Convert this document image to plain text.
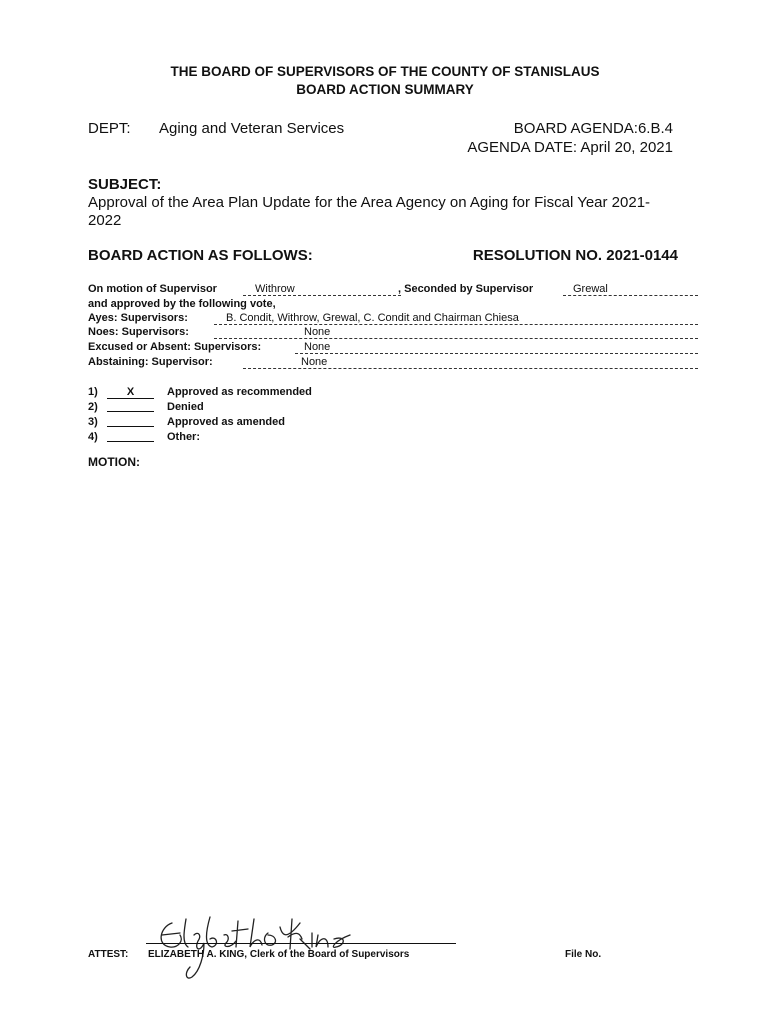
THE BOARD OF SUPERVISORS OF THE COUNTY OF STANISLAUS
BOARD ACTION SUMMARY
DEPT: Aging and Veteran Services	BOARD AGENDA:6.B.4
AGENDA DATE: April 20, 2021
SUBJECT:
Approval of the Area Plan Update for the Area Agency on Aging for Fiscal Year 2021-2022
BOARD ACTION AS FOLLOWS:	RESOLUTION NO. 2021-0144
On motion of Supervisor	Withrow	, Seconded by Supervisor	Grewal
and approved by the following vote,
Ayes: Supervisors:	B. Condit, Withrow, Grewal, C. Condit and Chairman Chiesa
Noes: Supervisors:	None
Excused or Absent: Supervisors:	None
Abstaining: Supervisor:	None
1)	X	Approved as recommended
2)	Denied
3)	Approved as amended
4)	Other:
MOTION:
ATTEST: ELIZABETH A. KING, Clerk of the Board of Supervisors	File No.
